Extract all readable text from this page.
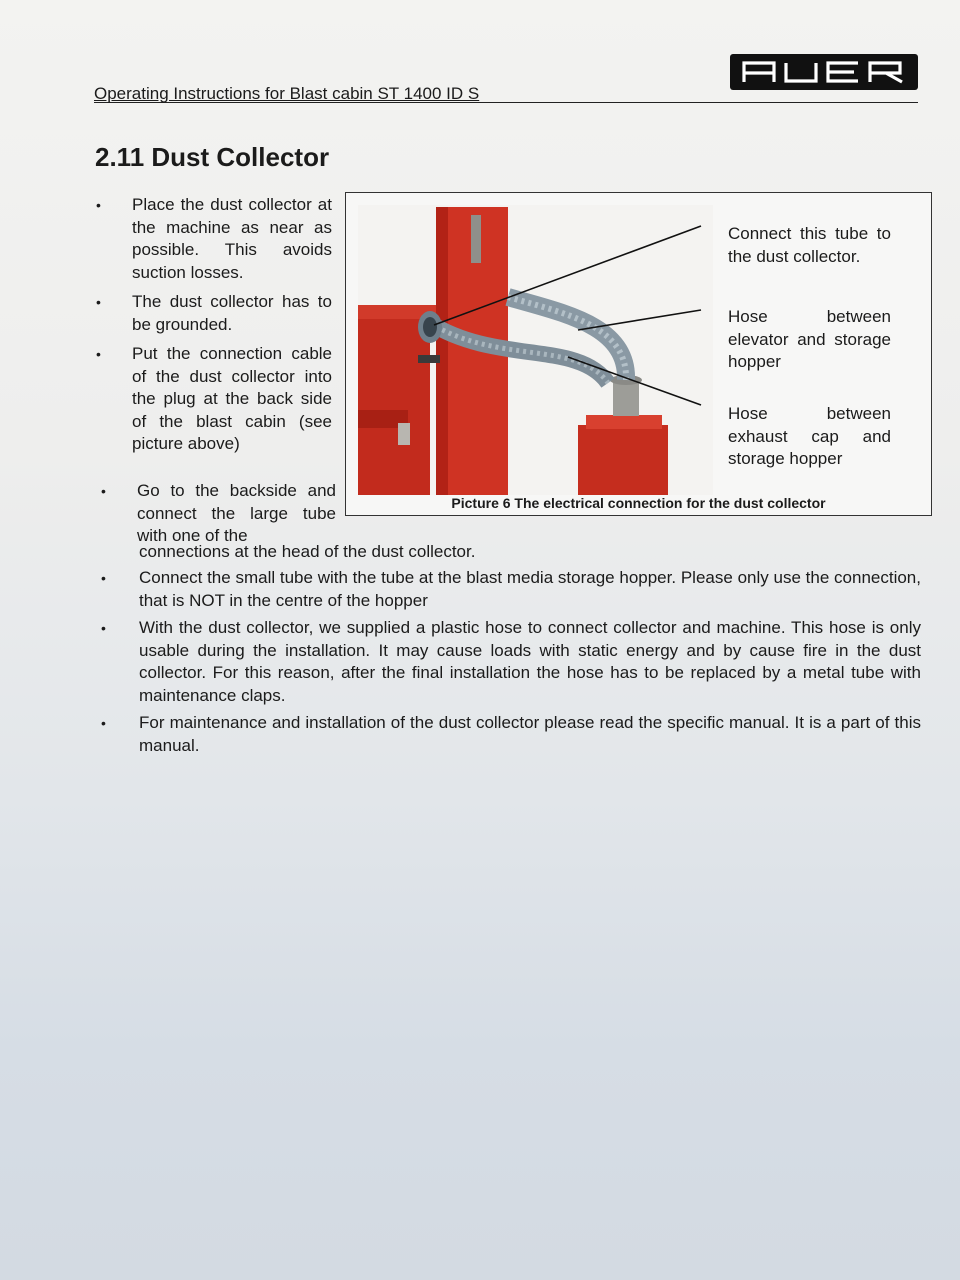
Operating Instructions for Blast cabin ST 1400 ID S
2.11 Dust Collector
• Place the dust collector at the machine as near as possible. This avoids suction losses.
• The dust collector has to be grounded.
• Put the connection cable of the dust collector into the plug at the back side of the blast cabin (see picture above)
Connect this tube to the dust collector.
Hose between elevator and storage hopper
Hose between exhaust cap and storage hopper
Picture 6 The electrical connection for the dust collector
• Go to the backside and connect the large tube with one of the
connections at the head of the dust collector.
• Connect the small tube with the tube at the blast media storage hopper. Please only use the connection, that is NOT in the centre of the hopper
• With the dust collector, we supplied a plastic hose to connect collector and machine. This hose is only usable during the installation. It may cause loads with static energy and by cause fire in the dust collector. For this reason, after the final installation the hose has to be replaced by a metal tube with maintenance claps.
• For maintenance and installation of the dust collector please read the specific manual. It is a part of this manual.
